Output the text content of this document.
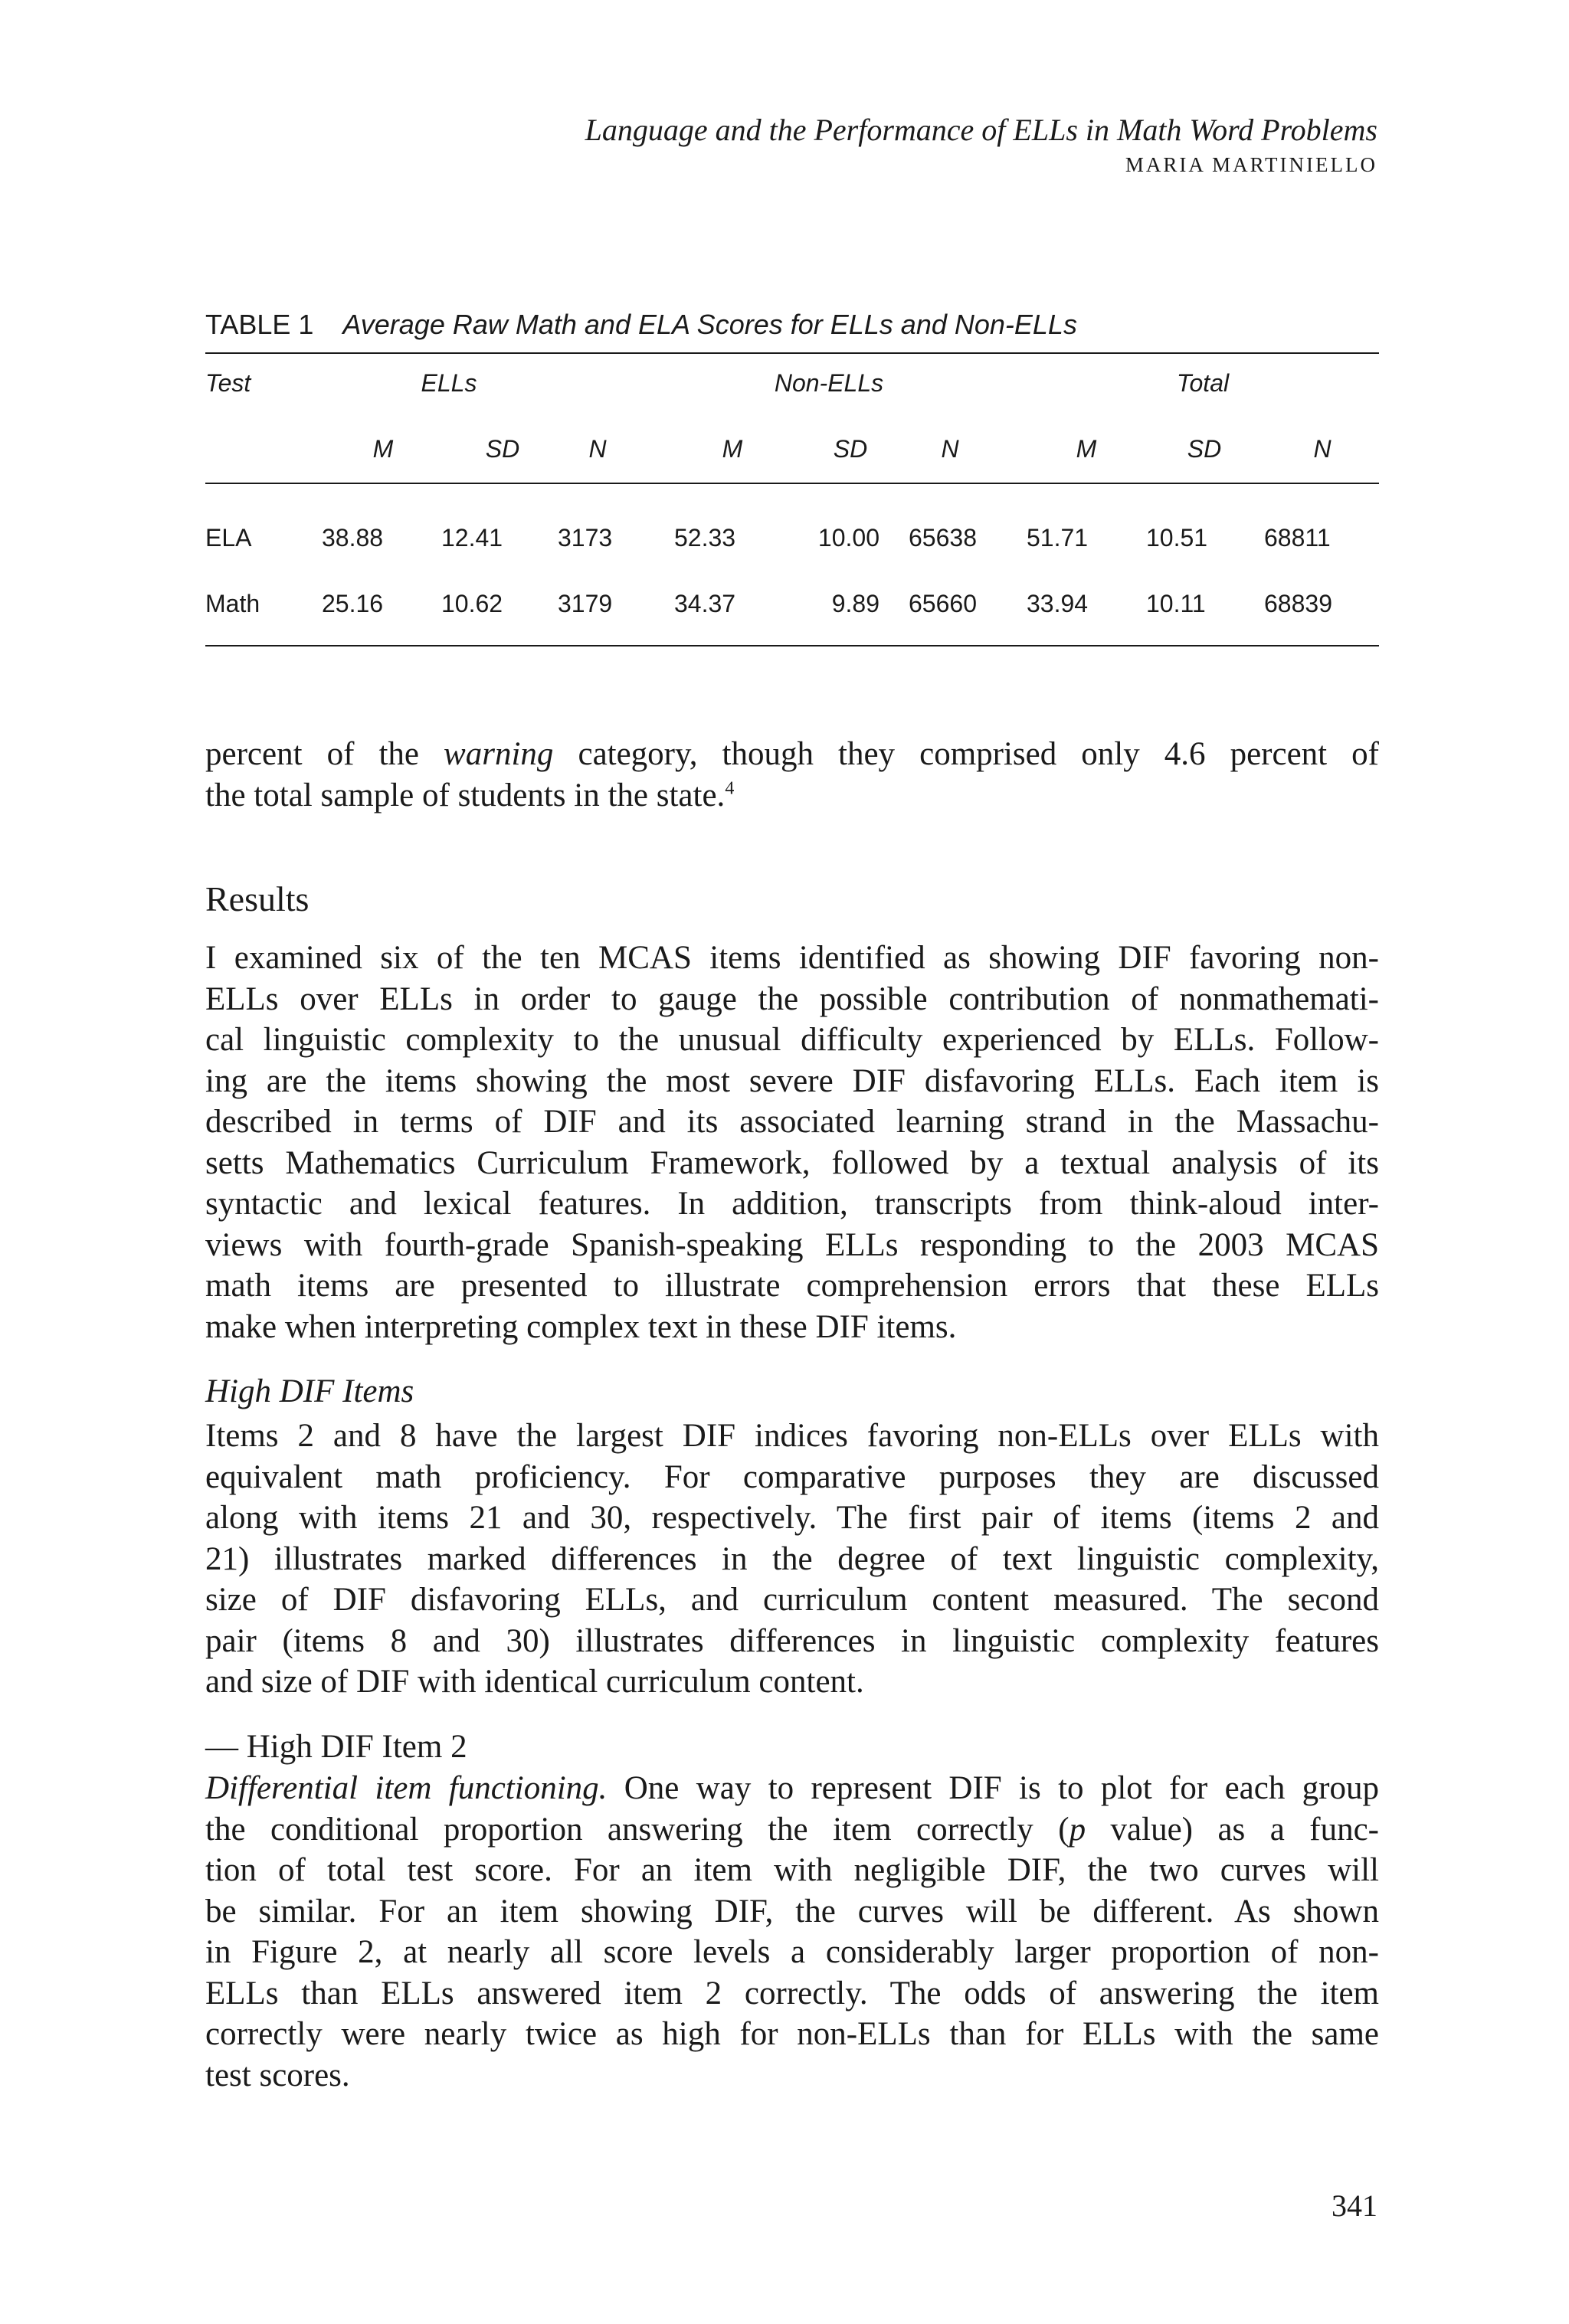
Language and the Performance of ELLs in Math Word Problems
MARIA MARTINIELLO
TABLE 1 Average Raw Math and ELA Scores for ELLs and Non-ELLs
Test	ELLs	Non-ELLs	Total
M	SD	N	M	SD	N	M	SD	N
ELA	38.88 12.41 3173	52.33	10.00 65638 51.71 10.51 68811
Math	25.16 10.62 3179	34.37	9.89 65660 33.94 10.11 68839

percent of the warning category, though they comprised only 4.6 percent of

the total sample of students in the state.$^4$

Results

I examined six of the ten MCAS items identified as showing DIF favoring non-

ELLs over ELLs in order to gauge the possible contribution of nonmathemati-

cal linguistic complexity to the unusual difficulty experienced by ELLs. Follow-

ing are the items showing the most severe DIF disfavoring ELLs. Each item is

described in terms of DIF and its associated learning strand in the Massachu-

setts Mathematics Curriculum Framework, followed by a textual analysis of its

syntactic and lexical features. In addition, transcripts from think-aloud inter-

views with fourth-grade Spanish-speaking ELLs responding to the 2003 MCAS

math items are presented to illustrate comprehension errors that these ELLs

make when interpreting complex text in these DIF items.

High DIF Items

Items 2 and 8 have the largest DIF indices favoring non-ELLs over ELLs with

equivalent math proficiency. For comparative purposes they are discussed

along with items 21 and 30, respectively. The first pair of items (items 2 and

21) illustrates marked differences in the degree of text linguistic complexity,

size of DIF disfavoring ELLs, and curriculum content measured. The second

pair (items 8 and 30) illustrates differences in linguistic complexity features

and size of DIF with identical curriculum content.

— High DIF Item 2

Differential item functioning. One way to represent DIF is to plot for each group

the conditional proportion answering the item correctly (p value) as a func-

tion of total test score. For an item with negligible DIF, the two curves will

be similar. For an item showing DIF, the curves will be different. As shown

in Figure 2, at nearly all score levels a considerably larger proportion of non-

ELLs than ELLs answered item 2 correctly. The odds of answering the item

correctly were nearly twice as high for non-ELLs than for ELLs with the same

test scores.

341
